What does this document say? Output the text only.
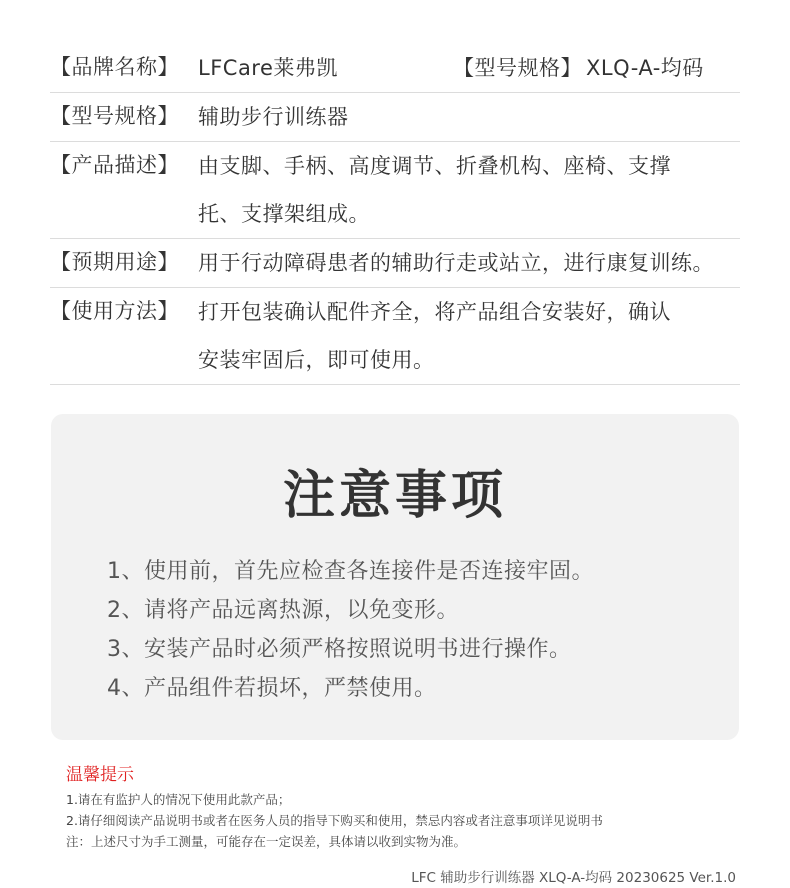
【品牌名称】 LFCare莱弗凯	【型号规格】 XLQ-A-均码
【型号规格】 辅助步行训练器
【产品描述】 由支脚、手柄、高度调节、折叠机构、座椅、支撑
托、支撑架组成。
【预期用途】 用于行动障碍患者的辅助行走或站立，进行康复训练。
【使用方法】 打开包装确认配件齐全，将产品组合安装好，确认
安装牢固后，即可使用。
注意事项
1、使用前，首先应检查各连接件是否连接牢固。
2、请将产品远离热源，以免变形。
3、安装产品时必须严格按照说明书进行操作。
4、产品组件若损坏，严禁使用。
温馨提示
1.请在有监护人的情况下使用此款产品；
2.请仔细阅读产品说明书或者在医务人员的指导下购买和使用，禁忌内容或者注意事项详见说明书
注：上述尺寸为手工测量，可能存在一定误差，具体请以收到实物为准。
LFC 辅助步行训练器 XLQ-A-均码 20230625 Ver.1.0
